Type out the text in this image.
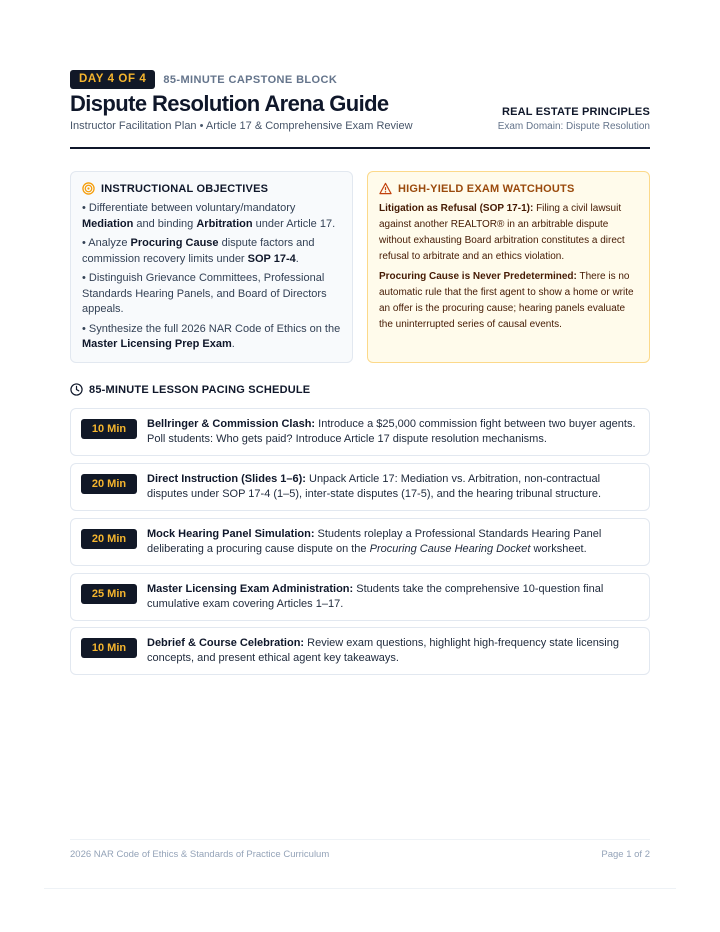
DAY 4 OF 4	85-MINUTE CAPSTONE BLOCK
Dispute Resolution Arena Guide
Instructor Facilitation Plan • Article 17 & Comprehensive Exam Review
REAL ESTATE PRINCIPLES
Exam Domain: Dispute Resolution
INSTRUCTIONAL OBJECTIVES
• Differentiate between voluntary/mandatory Mediation and binding Arbitration under Article 17.
• Analyze Procuring Cause dispute factors and commission recovery limits under SOP 17-4.
• Distinguish Grievance Committees, Professional Standards Hearing Panels, and Board of Directors appeals.
• Synthesize the full 2026 NAR Code of Ethics on the Master Licensing Prep Exam.
HIGH-YIELD EXAM WATCHOUTS
Litigation as Refusal (SOP 17-1): Filing a civil lawsuit against another REALTOR® in an arbitrable dispute without exhausting Board arbitration constitutes a direct refusal to arbitrate and an ethics violation.
Procuring Cause is Never Predetermined: There is no automatic rule that the first agent to show a home or write an offer is the procuring cause; hearing panels evaluate the uninterrupted series of causal events.
85-MINUTE LESSON PACING SCHEDULE
10 Min	Bellringer & Commission Clash: Introduce a $25,000 commission fight between two buyer agents. Poll students: Who gets paid? Introduce Article 17 dispute resolution mechanisms.
20 Min	Direct Instruction (Slides 1–6): Unpack Article 17: Mediation vs. Arbitration, non-contractual disputes under SOP 17-4 (1–5), inter-state disputes (17-5), and the hearing tribunal structure.
20 Min	Mock Hearing Panel Simulation: Students roleplay a Professional Standards Hearing Panel deliberating a procuring cause dispute on the Procuring Cause Hearing Docket worksheet.
25 Min	Master Licensing Exam Administration: Students take the comprehensive 10-question final cumulative exam covering Articles 1–17.
10 Min	Debrief & Course Celebration: Review exam questions, highlight high-frequency state licensing concepts, and present ethical agent key takeaways.
2026 NAR Code of Ethics & Standards of Practice Curriculum	Page 1 of 2
